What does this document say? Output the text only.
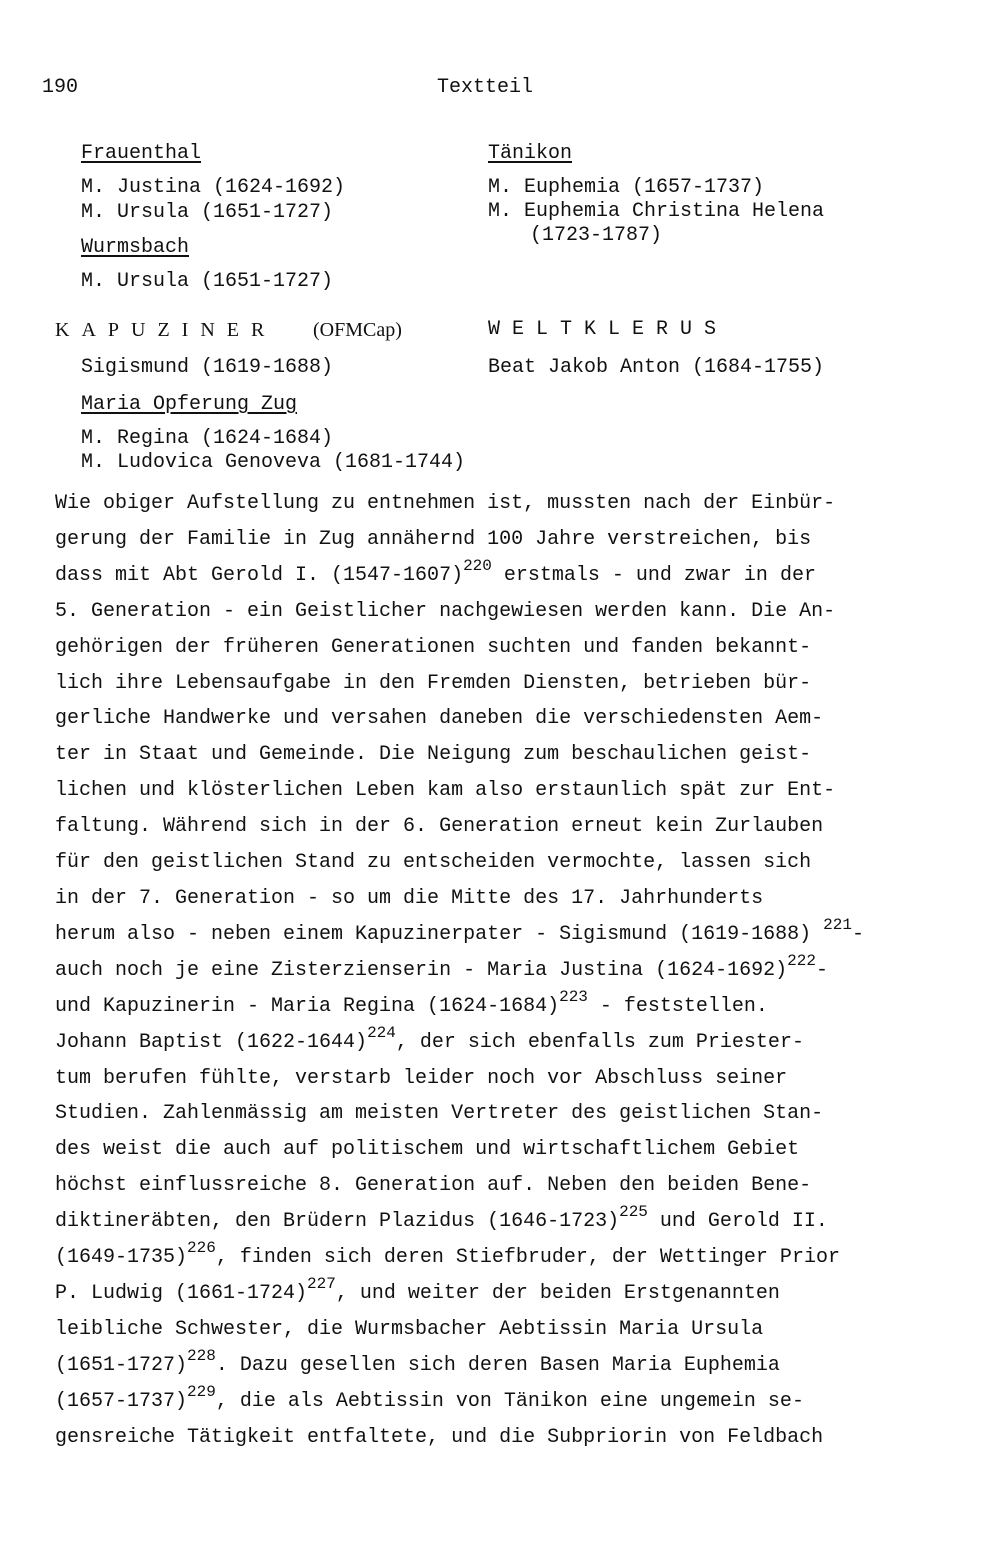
190	Textteil
Frauenthal
M. Justina (1624-1692)
M. Ursula (1651-1727)
Wurmsbach
M. Ursula (1651-1727)
KAPUZINER (OFMCap)
Sigismund (1619-1688)
Maria Opferung Zug
M. Regina (1624-1684)
M. Ludovica Genoveva (1681-1744)
Tänikon
M. Euphemia (1657-1737)
M. Euphemia Christina Helena
(1723-1787)
WELTKLERUS
Beat Jakob Anton (1684-1755)
Wie obiger Aufstellung zu entnehmen ist, mussten nach der Einbür-
gerung der Familie in Zug annähernd 100 Jahre verstreichen, bis
dass mit Abt Gerold I. (1547-1607)$^{220}$ erstmals - und zwar in der
5. Generation - ein Geistlicher nachgewiesen werden kann. Die An-
gehörigen der früheren Generationen suchten und fanden bekannt-
lich ihre Lebensaufgabe in den Fremden Diensten, betrieben bür-
gerliche Handwerke und versahen daneben die verschiedensten Aem-
ter in Staat und Gemeinde. Die Neigung zum beschaulichen geist-
lichen und klösterlichen Leben kam also erstaunlich spät zur Ent-
faltung. Während sich in der 6. Generation erneut kein Zurlauben
für den geistlichen Stand zu entscheiden vermochte, lassen sich
in der 7. Generation - so um die Mitte des 17. Jahrhunderts
herum also - neben einem Kapuzinerpater - Sigismund (1619-1688) $^{221}$-
auch noch je eine Zisterzienserin - Maria Justina (1624-1692)$^{222}$-
und Kapuzinerin - Maria Regina (1624-1684)$^{223}$ - feststellen.
Johann Baptist (1622-1644)$^{224}$, der sich ebenfalls zum Priester-
tum berufen fühlte, verstarb leider noch vor Abschluss seiner
Studien. Zahlenmässig am meisten Vertreter des geistlichen Stan-
des weist die auch auf politischem und wirtschaftlichem Gebiet
höchst einflussreiche 8. Generation auf. Neben den beiden Bene-
diktineräbten, den Brüdern Plazidus (1646-1723)$^{225}$ und Gerold II.
(1649-1735)$^{226}$, finden sich deren Stiefbruder, der Wettinger Prior
P. Ludwig (1661-1724)$^{227}$, und weiter der beiden Erstgenannten
leibliche Schwester, die Wurmsbacher Aebtissin Maria Ursula
(1651-1727)$^{228}$. Dazu gesellen sich deren Basen Maria Euphemia
(1657-1737)$^{229}$, die als Aebtissin von Tänikon eine ungemein se-
gensreiche Tätigkeit entfaltete, und die Subpriorin von Feldbach
